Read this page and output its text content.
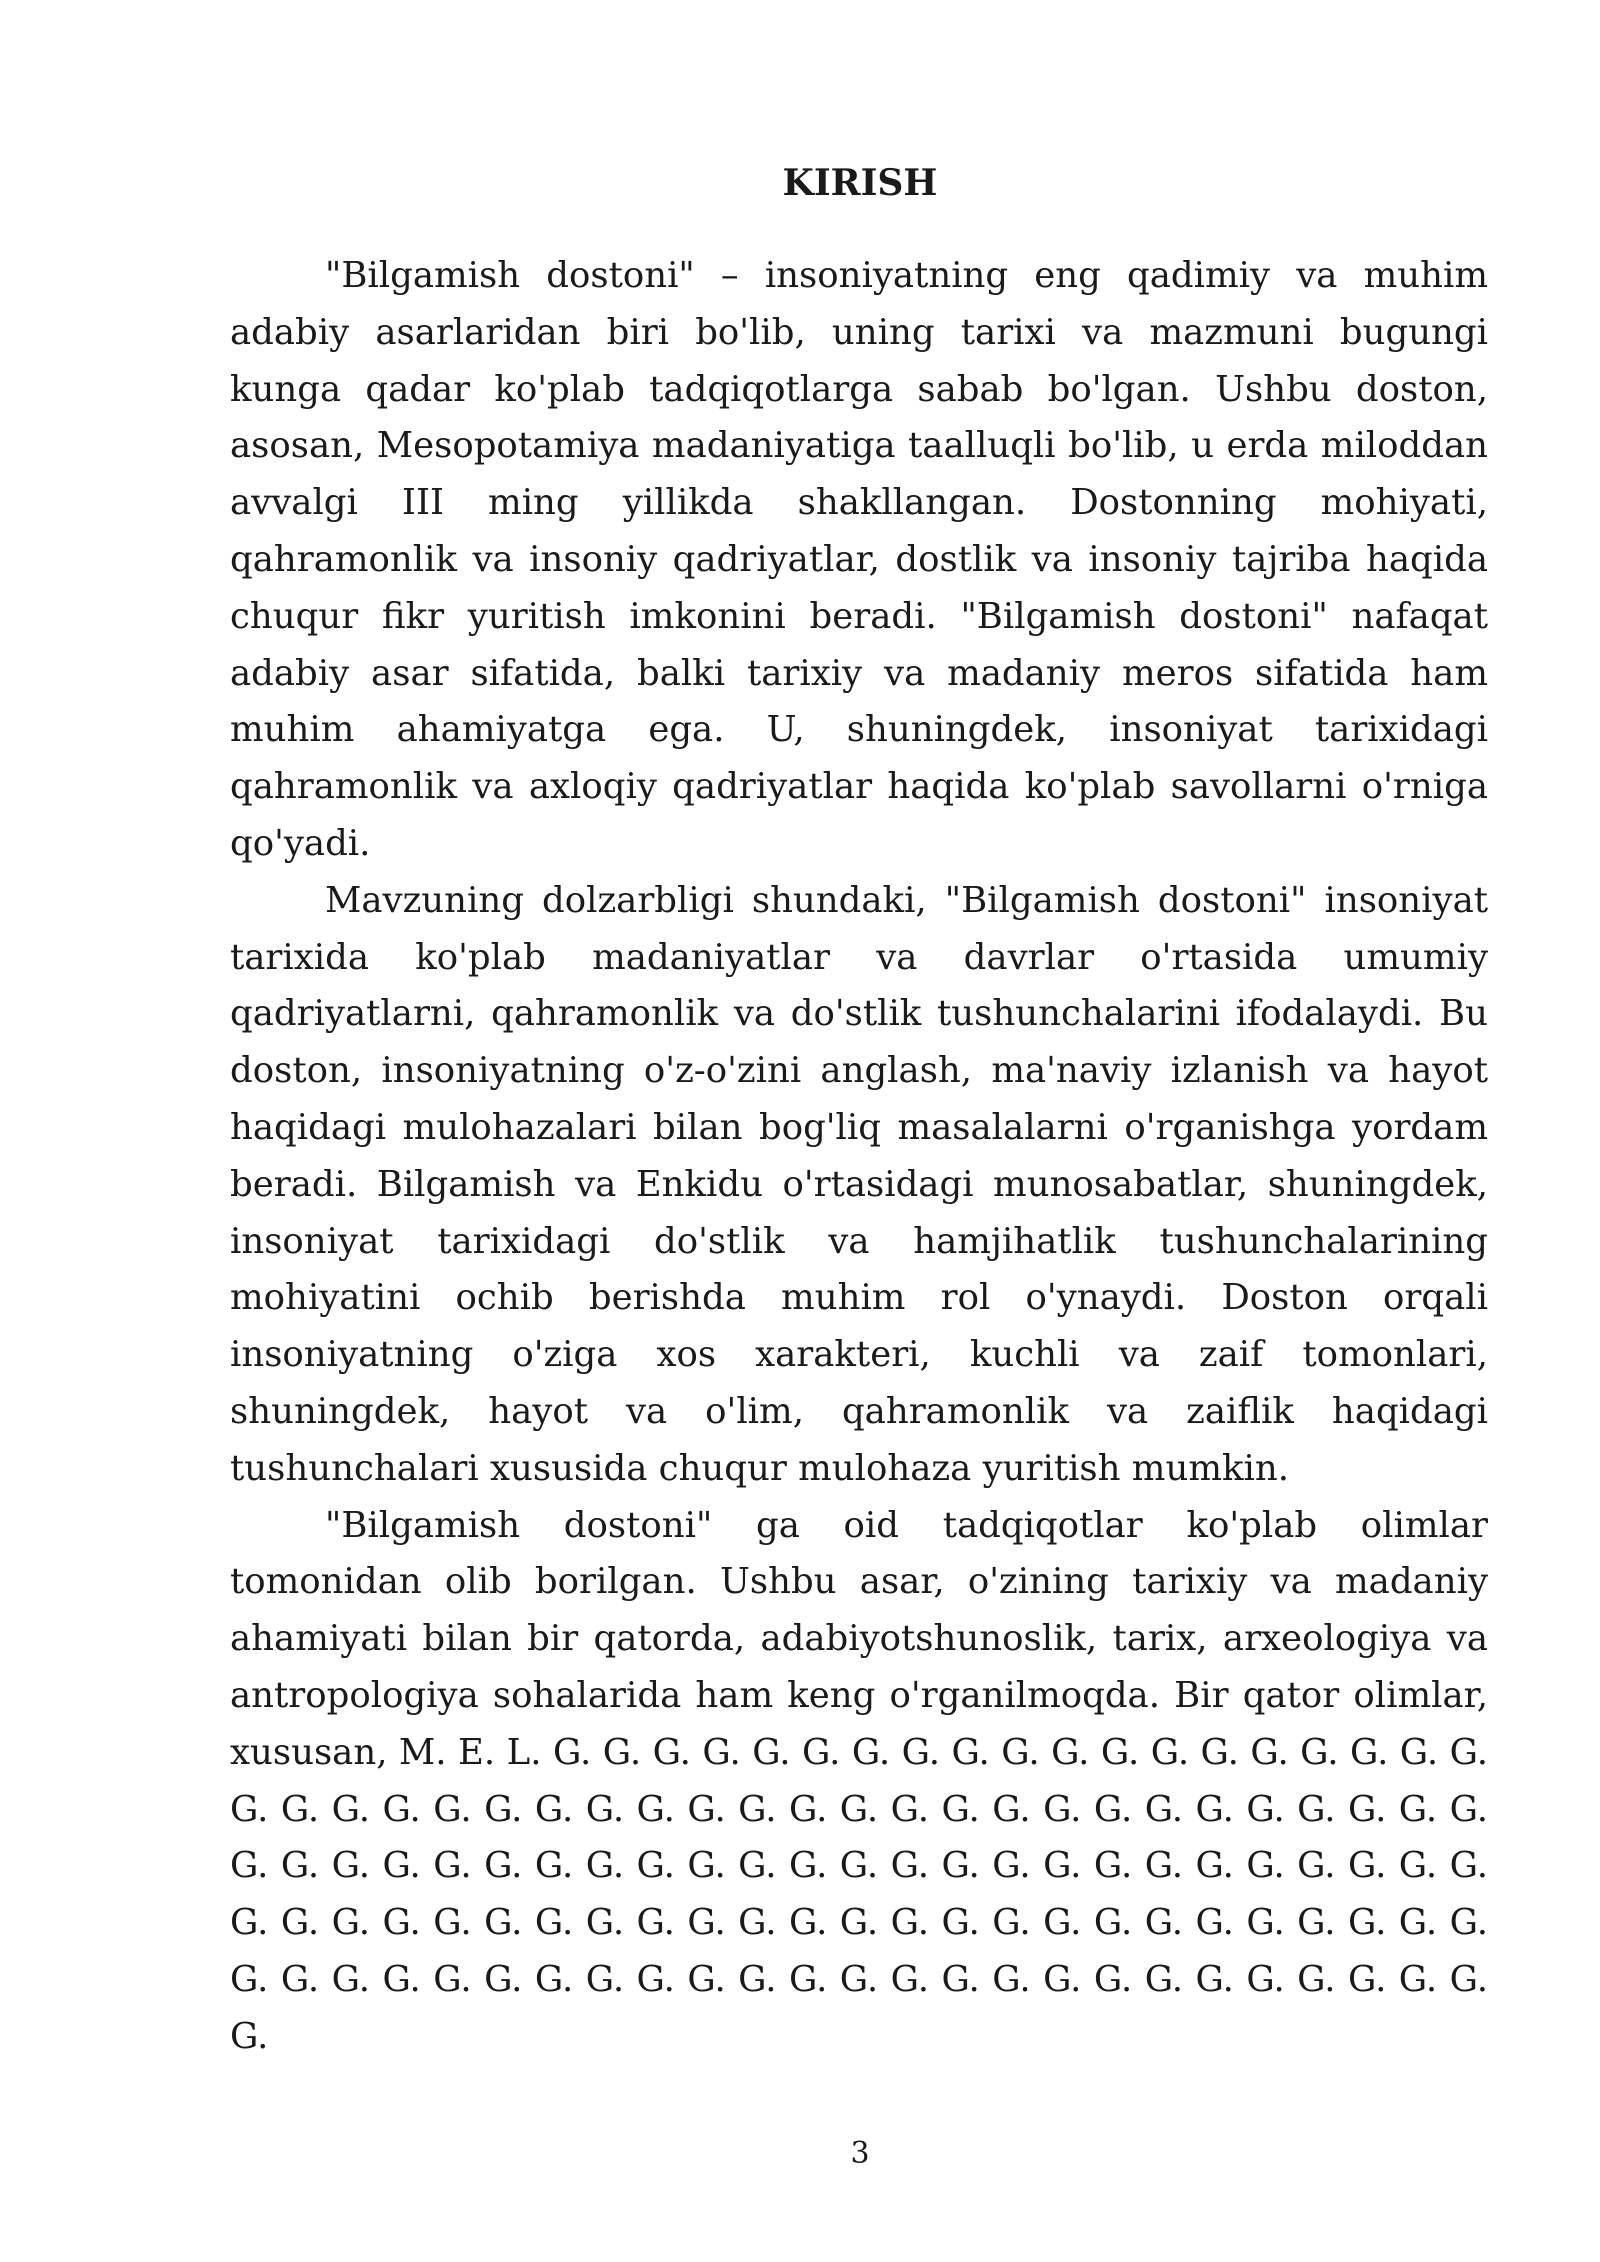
KIRISH

"Bilgamish dostoni" – insoniyatning eng qadimiy va muhim adabiy asarlaridan biri bo'lib, uning tarixi va mazmuni bugungi kunga qadar ko'plab tadqiqotlarga sabab bo'lgan. Ushbu doston, asosan, Mesopotamiya madaniyatiga taalluqli bo'lib, u erda miloddan avvalgi III ming yillikda shakllangan. Dostonning mohiyati, qahramonlik va insoniy qadriyatlar, dostlik va insoniy tajriba haqida chuqur fikr yuritish imkonini beradi. "Bilgamish dostoni" nafaqat adabiy asar sifatida, balki tarixiy va madaniy meros sifatida ham muhim ahamiyatga ega. U, shuningdek, insoniyat tarixidagi qahramonlik va axloqiy qadriyatlar haqida ko'plab savollarni o'rniga qo'yadi.

Mavzuning dolzarbligi shundaki, "Bilgamish dostoni" insoniyat tarixida ko'plab madaniyatlar va davrlar o'rtasida umumiy qadriyatlarni, qahramonlik va do'stlik tushunchalarini ifodalaydi. Bu doston, insoniyatning o'z-o'zini anglash, ma'naviy izlanish va hayot haqidagi mulohazalari bilan bog'liq masalalarni o'rganishga yordam beradi. Bilgamish va Enkidu o'rtasidagi munosabatlar, shuningdek, insoniyat tarixidagi do'stlik va hamjihatlik tushunchalarining mohiyatini ochib berishda muhim rol o'ynaydi. Doston orqali insoniyatning o'ziga xos xarakteri, kuchli va zaif tomonlari, shuningdek, hayot va o'lim, qahramonlik va zaiflik haqidagi tushunchalari xususida chuqur mulohaza yuritish mumkin.

"Bilgamish dostoni" ga oid tadqiqotlar ko'plab olimlar tomonidan olib borilgan. Ushbu asar, o'zining tarixiy va madaniy ahamiyati bilan bir qatorda, adabiyotshunoslik, tarix, arxeologiya va antropologiya sohalarida ham keng o'rganilmoqda. Bir qator olimlar, xususan, M. E. L. G. G. G. G. G. G. G. G. G. G. G. G. G. G. G. G. G. G. G. G. G. G. G. G. G. G. G. G. G. G. G. G. G. G. G. G. G. G. G. G. G. G. G. G. G. G. G. G. G. G. G. G. G. G. G. G. G. G. G. G. G. G. G. G. G. G. G. G. G. G. G. G. G. G. G. G. G. G. G. G. G. G. G. G. G. G. G. G. G. G. G. G. G. G. G. G. G. G. G. G. G. G. G. G. G. G. G. G. G. G. G. G. G. G. G. G. G. G. G. G.

3
